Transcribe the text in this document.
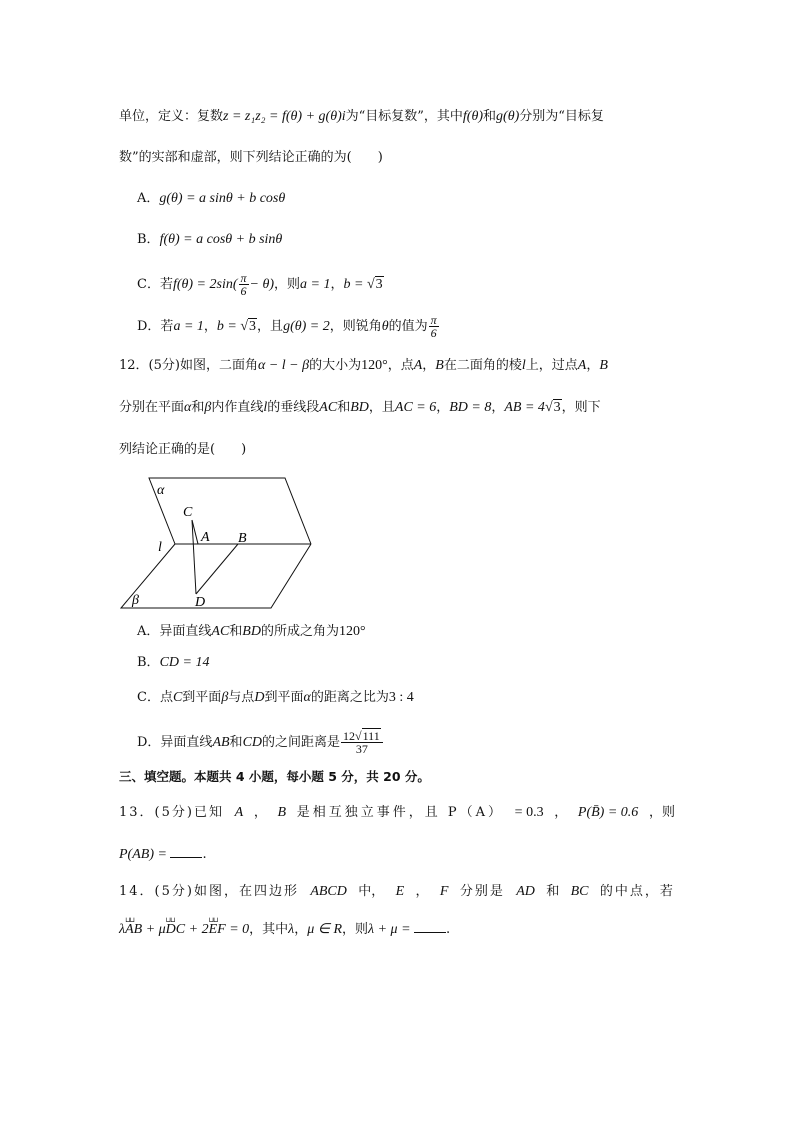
单位，定义：复数z = z₁z₂ = f(θ) + g(θ)i为“目标复数”，其中f(θ)和g(θ)分别为“目标复
数”的实部和虚部，则下列结论正确的为(　　)
A．g(θ) = a sinθ + b cosθ
B．f(θ) = a cosθ + b sinθ
C．若$f(\theta) = 2\sin( \frac{\pi}{6} - \theta)$，则a = 1，b = √3
D．若a = 1，b = √3，且g(θ) = 2，则锐角θ的值为 $\frac{\pi}{6}$
12．(5分)如图，二面角α − l − β的大小为120°，点A，B在二面角的棱l上，过点A，B
分别在平面α和β内作直线l的垂线段AC和BD，且AC = 6，BD = 8，AB = 4√3，则下
列结论正确的是(　　)
α
C
A B
l
β	D
A．异面直线AC和BD的所成之角为120°
B．CD = 14
C．点C到平面β与点D到平面α的距离之比为3 : 4
D．异面直线AB和CD的之间距离是 $\frac{12√111}{37}$
三、填空题。本题共 4 小题，每小题 5 分，共 20 分。
13．(5分)已知 A ， B 是相互独立事件，且 P（A） = 0.3 ， P(B̄) = 0.6 ，则
P(AB) = .
14．(5分)如图，在四边形 ABCD 中， E ， F 分别是 AD 和 BC 的中点，若
λ⊔⊔ AB + μ⊔⊔ DC + 2⊔⊔ EF = 0，其中λ，μ ∈ R，则λ + μ = .
